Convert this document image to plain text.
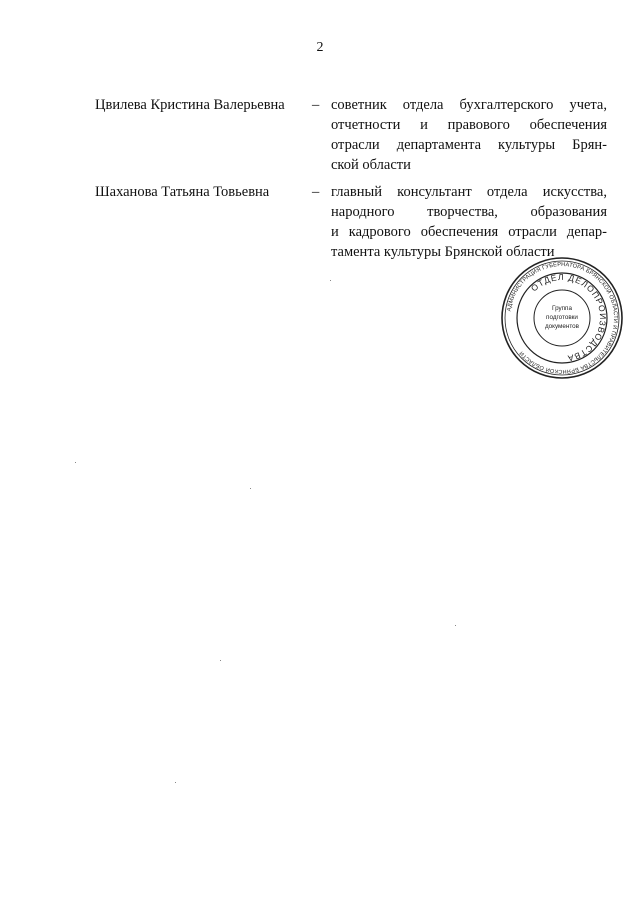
2
Цвилева Кристина Валерьевна – советник отдела бухгалтерского учета,
отчетности и правового обеспечения
отрасли департамента культуры Брян-
ской области
Шаханова Татьяна Товьевна	– главный консультант отдела искусства,
народного творчества, образования
и кадрового обеспечения отрасли депар-
тамента культуры Брянской области
АДМИНИСТРАЦИЯ ГУБЕРНАТОРА БРЯНСКОЙ ОБЛАСТИ И ПРАВИТЕЛЬСТВА БРЯНСКОЙ ОБЛАСТИ
ОТДЕЛ ДЕЛОПРОИЗВОДСТВА
Группа
подготовки
документов
